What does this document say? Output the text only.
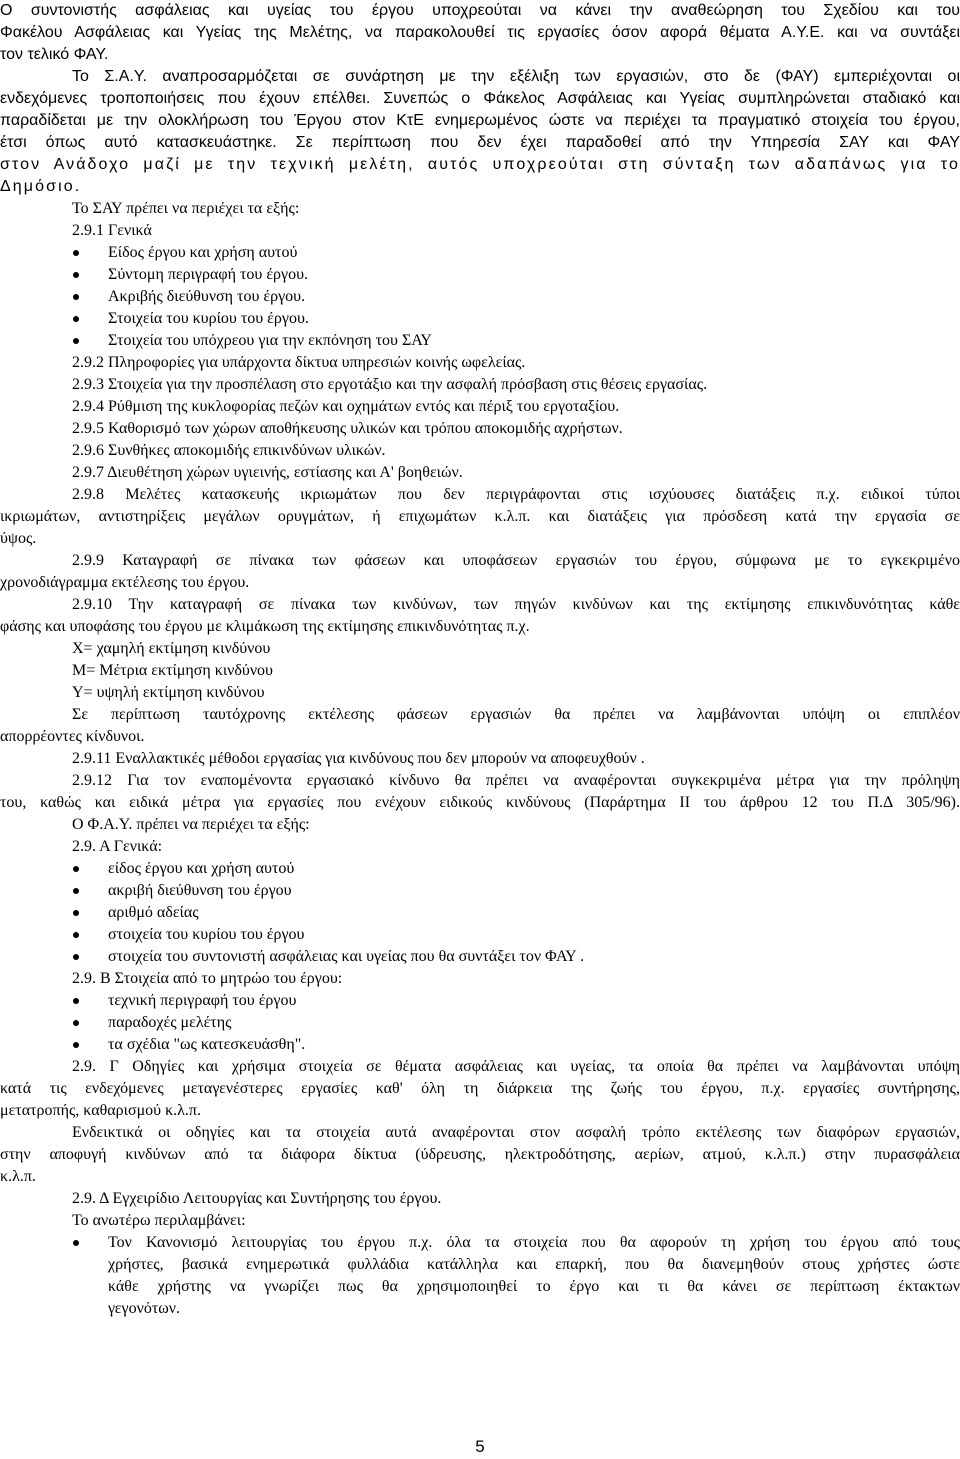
Ο συντονιστής ασφάλειας και υγείας του έργου υποχρεούται να κάνει την αναθεώρηση του Σχεδίου και του
Φακέλου Ασφάλειας και Υγείας της Μελέτης, να παρακολουθεί τις εργασίες όσον αφορά θέματα Α.Υ.Ε. και να συντάξει
τον τελικό ΦΑΥ.
Το Σ.Α.Υ. αναπροσαρμόζεται σε συνάρτηση με την εξέλιξη των εργασιών, στο δε (ΦΑΥ) εμπεριέχονται οι
ενδεχόμενες τροποποιήσεις που έχουν επέλθει. Συνεπώς ο Φάκελος Ασφάλειας και Υγείας συμπληρώνεται σταδιακό και
παραδίδεται με την ολοκλήρωση του Έργου στον ΚτΕ ενημερωμένος ώστε να περιέχει τα πραγματικό στοιχεία του έργου,
έτσι όπως αυτό κατασκευάστηκε. Σε περίπτωση που δεν έχει παραδοθεί από την Υπηρεσία ΣΑΥ και ΦΑΥ
στον Ανάδοχο μαζί με την τεχνική μελέτη, αυτός υποχρεούται στη σύνταξη των αδαπάνως για το
Δημόσιο.
Το ΣΑΥ πρέπει να περιέχει τα εξής:
2.9.1 Γενικά
Είδος έργου και χρήση αυτού
Σύντομη περιγραφή του έργου.
Ακριβής διεύθυνση του έργου.
Στοιχεία του κυρίου του έργου.
Στοιχεία του υπόχρεου για την εκπόνηση του ΣΑΥ
2.9.2 Πληροφορίες για υπάρχοντα δίκτυα υπηρεσιών κοινής ωφελείας.
2.9.3 Στοιχεία για την προσπέλαση στο εργοτάξιο και την ασφαλή πρόσβαση στις θέσεις εργασίας.
2.9.4 Ρύθμιση της κυκλοφορίας πεζών και οχημάτων εντός και πέριξ του εργοταξίου.
2.9.5 Καθορισμό των χώρων αποθήκευσης υλικών και τρόπου αποκομιδής αχρήστων.
2.9.6 Συνθήκες αποκομιδής επικινδύνων υλικών.
2.9.7 Διευθέτηση χώρων υγιεινής, εστίασης και Α' βοηθειών.
2.9.8 Μελέτες κατασκευής ικριωμάτων που δεν περιγράφονται στις ισχύουσες διατάξεις π.χ. ειδικοί τύποι
ικριωμάτων, αντιστηρίξεις μεγάλων ορυγμάτων, ή επιχωμάτων κ.λ.π. και διατάξεις για πρόσδεση κατά την εργασία σε
ύψος.
2.9.9 Καταγραφή σε πίνακα των φάσεων και υποφάσεων εργασιών του έργου, σύμφωνα με το εγκεκριμένο
χρονοδιάγραμμα εκτέλεσης του έργου.
2.9.10 Την καταγραφή σε πίνακα των κινδύνων, των πηγών κινδύνων και της εκτίμησης επικινδυνότητας κάθε
φάσης και υποφάσης του έργου με κλιμάκωση της εκτίμησης επικινδυνότητας π.χ.
Χ= χαμηλή εκτίμηση κινδύνου
Μ= Μέτρια εκτίμηση κινδύνου
Υ= υψηλή εκτίμηση κινδύνου
Σε περίπτωση ταυτόχρονης εκτέλεσης φάσεων εργασιών θα πρέπει να λαμβάνονται υπόψη οι επιπλέον
απορρέοντες κίνδυνοι.
2.9.11 Εναλλακτικές μέθοδοι εργασίας για κινδύνους που δεν μπορούν να αποφευχθούν .
2.9.12 Για τον εναπομένοντα εργασιακό κίνδυνο θα πρέπει να αναφέρονται συγκεκριμένα μέτρα για την πρόληψη
του, καθώς και ειδικά μέτρα για εργασίες που ενέχουν ειδικούς κινδύνους (Παράρτημα ΙΙ του άρθρου 12 του Π.Δ 305/96).
Ο Φ.Α.Υ. πρέπει να περιέχει τα εξής:
2.9. Α Γενικά:
είδος έργου και χρήση αυτού
ακριβή διεύθυνση του έργου
αριθμό αδείας
στοιχεία του κυρίου του έργου
στοιχεία του συντονιστή ασφάλειας και υγείας που θα συντάξει τον ΦΑΥ .
2.9. Β Στοιχεία από το μητρώο του έργου:
τεχνική περιγραφή του έργου
παραδοχές μελέτης
τα σχέδια "ως κατεσκευάσθη".
2.9. Γ Οδηγίες και χρήσιμα στοιχεία σε θέματα ασφάλειας και υγείας, τα οποία θα πρέπει να λαμβάνονται υπόψη
κατά τις ενδεχόμενες μεταγενέστερες εργασίες καθ' όλη τη διάρκεια της ζωής του έργου, π.χ. εργασίες συντήρησης,
μετατροπής, καθαρισμού κ.λ.π.
Ενδεικτικά οι οδηγίες και τα στοιχεία αυτά αναφέρονται στον ασφαλή τρόπο εκτέλεσης των διαφόρων εργασιών,
στην αποφυγή κινδύνων από τα διάφορα δίκτυα (ύδρευσης, ηλεκτροδότησης, αερίων, ατμού, κ.λ.π.) στην πυρασφάλεια
κ.λ.π.
2.9. Δ Εγχειρίδιο Λειτουργίας και Συντήρησης του έργου.
Το ανωτέρω περιλαμβάνει:
Τον Κανονισμό λειτουργίας του έργου π.χ. όλα τα στοιχεία που θα αφορούν τη χρήση του έργου από τους
χρήστες, βασικά ενημερωτικά φυλλάδια κατάλληλα και επαρκή, που θα διανεμηθούν στους χρήστες ώστε
κάθε χρήστης να γνωρίζει πως θα χρησιμοποιηθεί το έργο και τι θα κάνει σε περίπτωση έκτακτων
γεγονότων.
5
